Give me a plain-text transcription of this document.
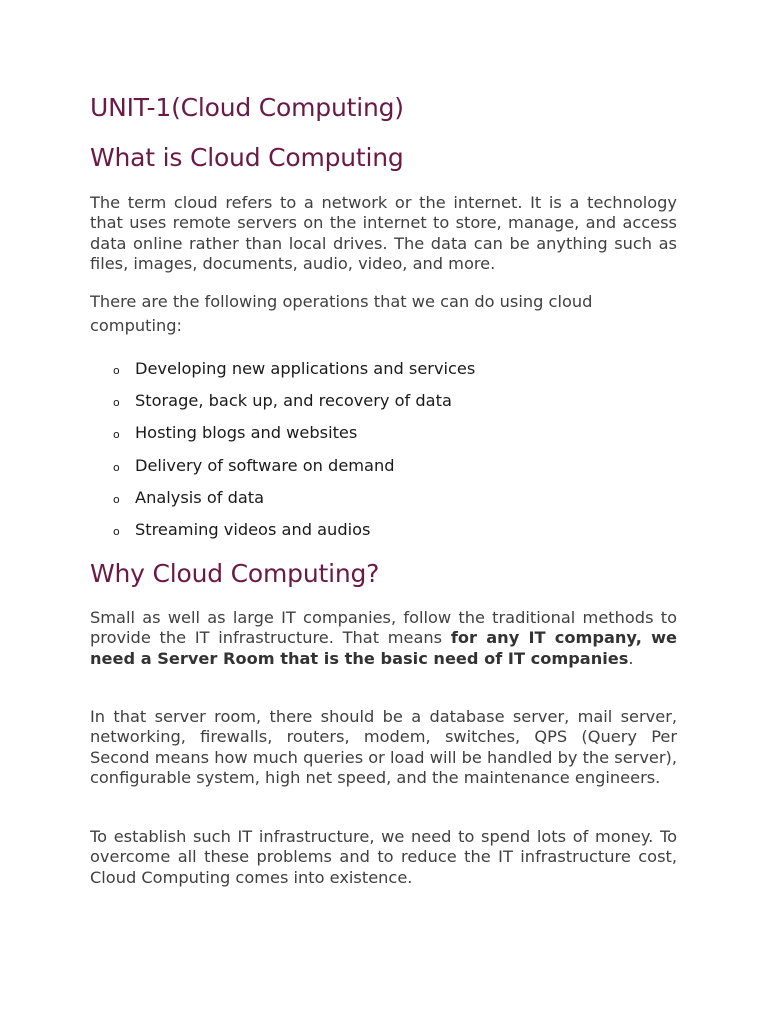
UNIT-1(Cloud Computing)
What is Cloud Computing

The term cloud refers to a network or the internet. It is a technology that uses remote servers on the internet to store, manage, and access data online rather than local drives. The data can be anything such as files, images, documents, audio, video, and more.

There are the following operations that we can do using cloud computing:

o Developing new applications and services
o Storage, back up, and recovery of data
o Hosting blogs and websites
o Delivery of software on demand
o Analysis of data
o Streaming videos and audios
Why Cloud Computing?

Small as well as large IT companies, follow the traditional methods to provide the IT infrastructure. That means for any IT company, we need a Server Room that is the basic need of IT companies.

In that server room, there should be a database server, mail server, networking, firewalls, routers, modem, switches, QPS (Query Per Second means how much queries or load will be handled by the server), configurable system, high net speed, and the maintenance engineers.

To establish such IT infrastructure, we need to spend lots of money. To overcome all these problems and to reduce the IT infrastructure cost, Cloud Computing comes into existence.
